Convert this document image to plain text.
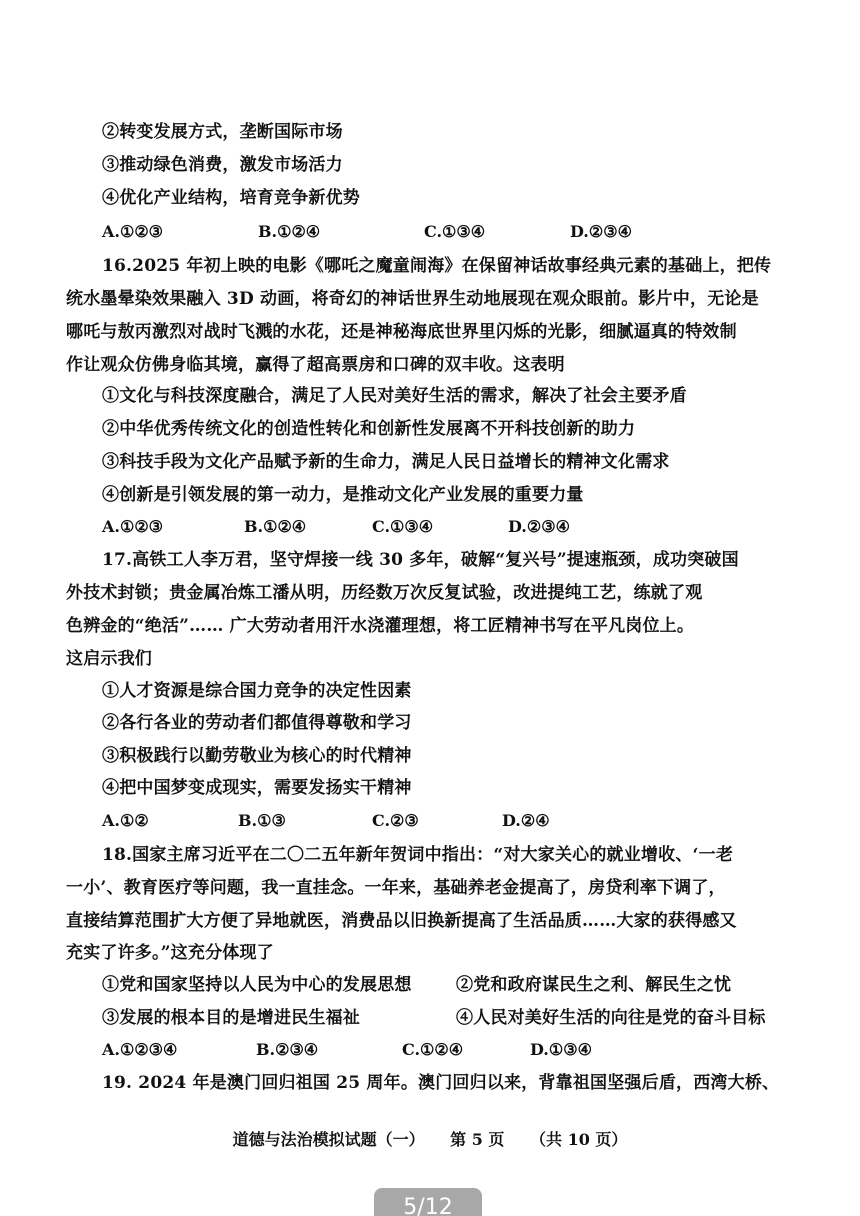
②转变发展方式，垄断国际市场
③推动绿色消费，激发市场活力
④优化产业结构，培育竞争新优势
A.①②③	B.①②④	C.①③④	D.②③④
16.2025 年初上映的电影《哪吒之魔童闹海》在保留神话故事经典元素的基础上，把传
统水墨晕染效果融入 3D 动画，将奇幻的神话世界生动地展现在观众眼前。影片中，无论是
哪吒与敖丙激烈对战时飞溅的水花，还是神秘海底世界里闪烁的光影，细腻逼真的特效制
作让观众仿佛身临其境，赢得了超高票房和口碑的双丰收。这表明
①文化与科技深度融合，满足了人民对美好生活的需求，解决了社会主要矛盾
②中华优秀传统文化的创造性转化和创新性发展离不开科技创新的助力
③科技手段为文化产品赋予新的生命力，满足人民日益增长的精神文化需求
④创新是引领发展的第一动力，是推动文化产业发展的重要力量
A.①②③	B.①②④	C.①③④	D.②③④
17.高铁工人李万君，坚守焊接一线 30 多年，破解“复兴号”提速瓶颈，成功突破国
外技术封锁；贵金属冶炼工潘从明，历经数万次反复试验，改进提纯工艺，练就了观
色辨金的“绝活”…… 广大劳动者用汗水浇灌理想，将工匠精神书写在平凡岗位上。
这启示我们
①人才资源是综合国力竞争的决定性因素
②各行各业的劳动者们都值得尊敬和学习
③积极践行以勤劳敬业为核心的时代精神
④把中国梦变成现实，需要发扬实干精神
A.①②	B.①③	C.②③	D.②④
18.国家主席习近平在二〇二五年新年贺词中指出：“对大家关心的就业增收、‘一老
一小’、教育医疗等问题，我一直挂念。一年来，基础养老金提高了，房贷利率下调了，
直接结算范围扩大方便了异地就医，消费品以旧换新提高了生活品质……大家的获得感又
充实了许多。”这充分体现了
①党和国家坚持以人民为中心的发展思想	②党和政府谋民生之利、解民生之忧
③发展的根本目的是增进民生福祉	④人民对美好生活的向往是党的奋斗目标
A.①②③④	B.②③④	C.①②④	D.①③④
19. 2024 年是澳门回归祖国 25 周年。澳门回归以来，背靠祖国坚强后盾，西湾大桥、
道德与法治模拟试题（一） 第 5 页 （共 10 页）
5/12
